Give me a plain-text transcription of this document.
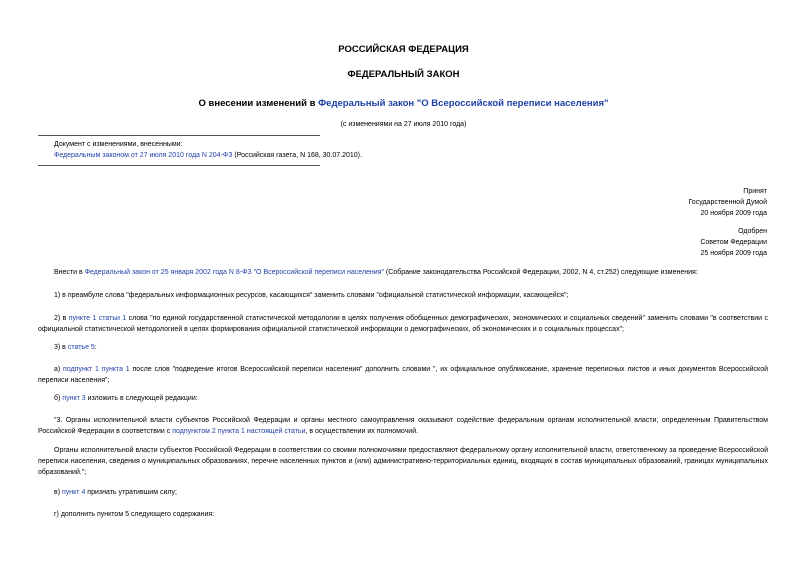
РОССИЙСКАЯ ФЕДЕРАЦИЯ
ФЕДЕРАЛЬНЫЙ ЗАКОН
О внесении изменений в Федеральный закон "О Всероссийской переписи населения"
(с изменениями на 27 июля 2010 года)
Документ с изменениями, внесенными:
Федеральным законом от 27 июля 2010 года N 204-ФЗ (Российская газета, N 168, 30.07.2010).
Принят
Государственной Думой
20 ноября 2009 года
Одобрен
Советом Федерации
25 ноября 2009 года
Внести в Федеральный закон от 25 января 2002 года N 8-ФЗ "О Всероссийской переписи населения" (Собрание законодательства Российской Федерации, 2002, N 4, ст.252) следующие изменения:
1) в преамбуле слова "федеральных информационных ресурсов, касающихся" заменить словами "официальной статистической информации, касающейся";
2) в пункте 1 статьи 1 слова "по единой государственной статистической методологии в целях получения обобщенных демографических, экономических и социальных сведений" заменить словами "в соответствии с официальной статистической методологией в целях формирования официальной статистической информации о демографических, об экономических и о социальных процессах";
3) в статье 5:
а) подпункт 1 пункта 1 после слов "подведение итогов Всероссийской переписи населения" дополнить словами ", их официальное опубликование, хранение переписных листов и иных документов Всероссийской переписи населения";
б) пункт 3 изложить в следующей редакции:
"3. Органы исполнительной власти субъектов Российской Федерации и органы местного самоуправления оказывают содействие федеральным органам исполнительной власти, определенным Правительством Российской Федерации в соответствии с подпунктом 2 пункта 1 настоящей статьи, в осуществлении их полномочий.
Органы исполнительной власти субъектов Российской Федерации в соответствии со своими полномочиями предоставляют федеральному органу исполнительной власти, ответственному за проведение Всероссийской переписи населения, сведения о муниципальных образованиях, перечне населенных пунктов и (или) административно-территориальных единиц, входящих в состав муниципальных образований, границах муниципальных образований.";
в) пункт 4 признать утратившим силу;
г) дополнить пунктом 5 следующего содержания:
